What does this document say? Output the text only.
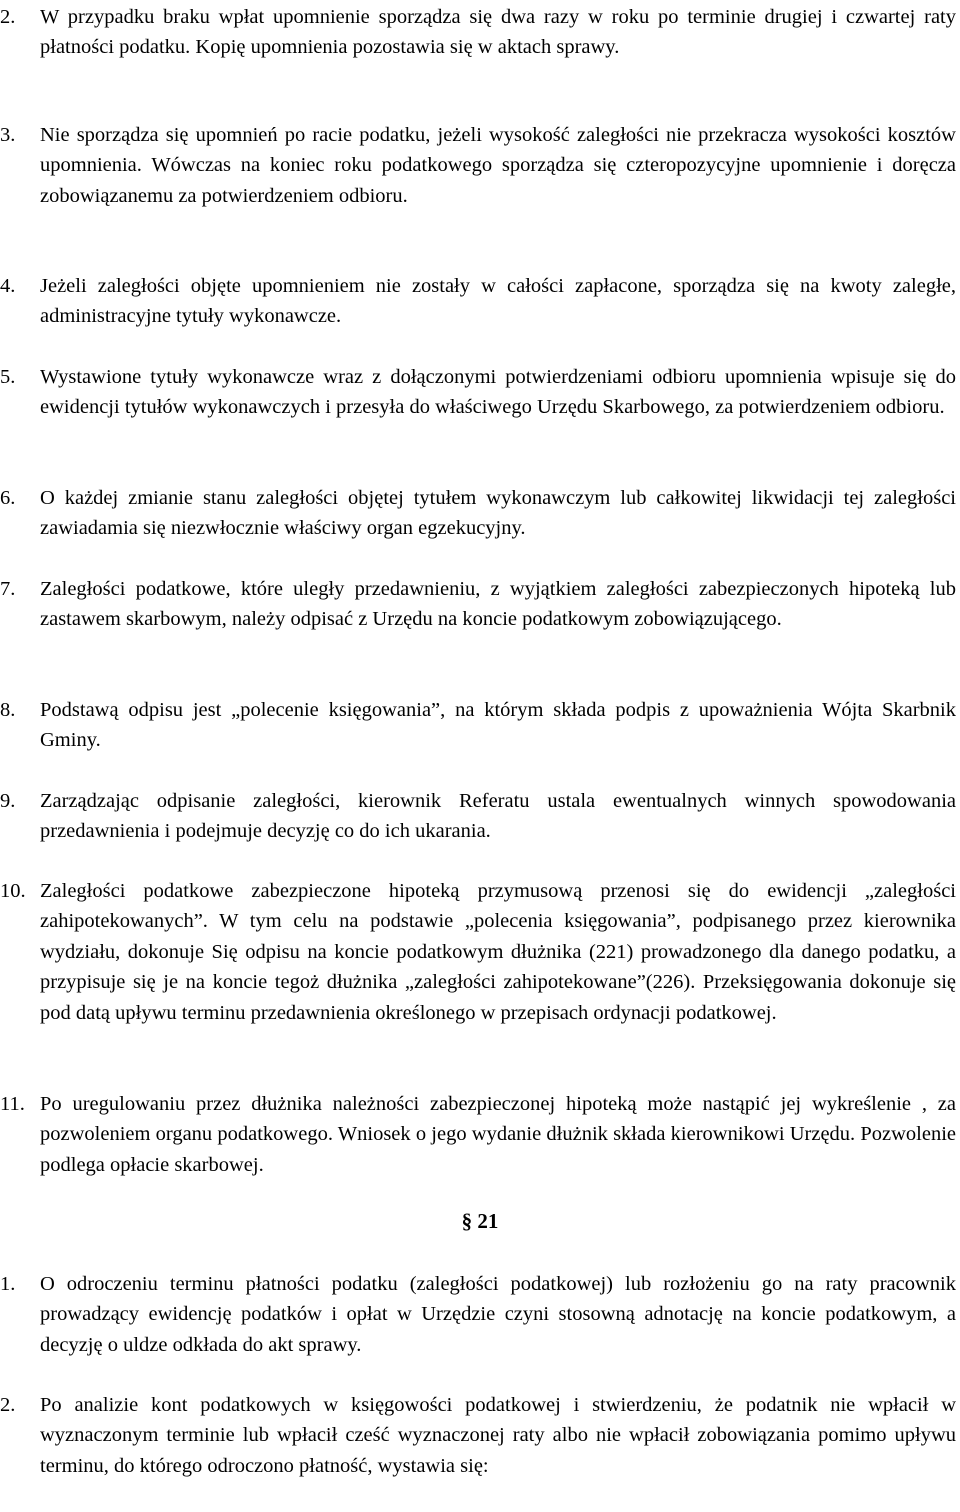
2.	W przypadku braku wpłat upomnienie sporządza się dwa razy w roku po terminie drugiej i czwartej raty płatności podatku. Kopię upomnienia pozostawia się w aktach sprawy.
3.	Nie sporządza się upomnień po racie podatku, jeżeli wysokość zaległości nie przekracza wysokości kosztów upomnienia. Wówczas na koniec roku podatkowego sporządza się czteropozycyjne upomnienie i doręcza zobowiązanemu za potwierdzeniem odbioru.
4.	Jeżeli zaległości objęte upomnieniem nie zostały w całości zapłacone, sporządza się na kwoty zaległe, administracyjne tytuły wykonawcze.
5.	Wystawione tytuły wykonawcze wraz z dołączonymi potwierdzeniami odbioru upomnienia wpisuje się do ewidencji tytułów wykonawczych i przesyła do właściwego Urzędu Skarbowego, za potwierdzeniem odbioru.
6.	O każdej zmianie stanu zaległości objętej tytułem wykonawczym lub całkowitej likwidacji tej zaległości zawiadamia się niezwłocznie właściwy organ egzekucyjny.
7.	Zaległości podatkowe, które uległy przedawnieniu, z wyjątkiem zaległości zabezpieczonych hipoteką lub zastawem skarbowym, należy odpisać z Urzędu na koncie podatkowym zobowiązującego.
8.	Podstawą odpisu jest „polecenie księgowania”, na którym składa podpis z upoważnienia Wójta Skarbnik Gminy.
9.	Zarządzając odpisanie zaległości, kierownik Referatu ustala ewentualnych winnych spowodowania przedawnienia i podejmuje decyzję co do ich ukarania.
10. Zaległości podatkowe zabezpieczone hipoteką przymusową przenosi się do ewidencji „zaległości zahipotekowanych”. W tym celu na podstawie „polecenia księgowania”, podpisanego przez kierownika wydziału, dokonuje Się odpisu na koncie podatkowym dłużnika (221) prowadzonego dla danego podatku, a przypisuje się je na koncie tegoż dłużnika „zaległości zahipotekowane”(226). Przeksięgowania dokonuje się pod datą upływu terminu przedawnienia określonego w przepisach ordynacji podatkowej.
11. Po uregulowaniu przez dłużnika należności zabezpieczonej hipoteką może nastąpić jej wykreślenie , za pozwoleniem organu podatkowego. Wniosek o jego wydanie dłużnik składa kierownikowi Urzędu. Pozwolenie podlega opłacie skarbowej.
§ 21
1.	O odroczeniu terminu płatności podatku (zaległości podatkowej) lub rozłożeniu go na raty pracownik prowadzący ewidencję podatków i opłat w Urzędzie czyni stosowną adnotację na koncie podatkowym, a decyzję o uldze odkłada do akt sprawy.
2.	Po analizie kont podatkowych w księgowości podatkowej i stwierdzeniu, że podatnik nie wpłacił w wyznaczonym terminie lub wpłacił cześć wyznaczonej raty albo nie wpłacił zobowiązania pomimo upływu terminu, do którego odroczono płatność, wystawia się:
